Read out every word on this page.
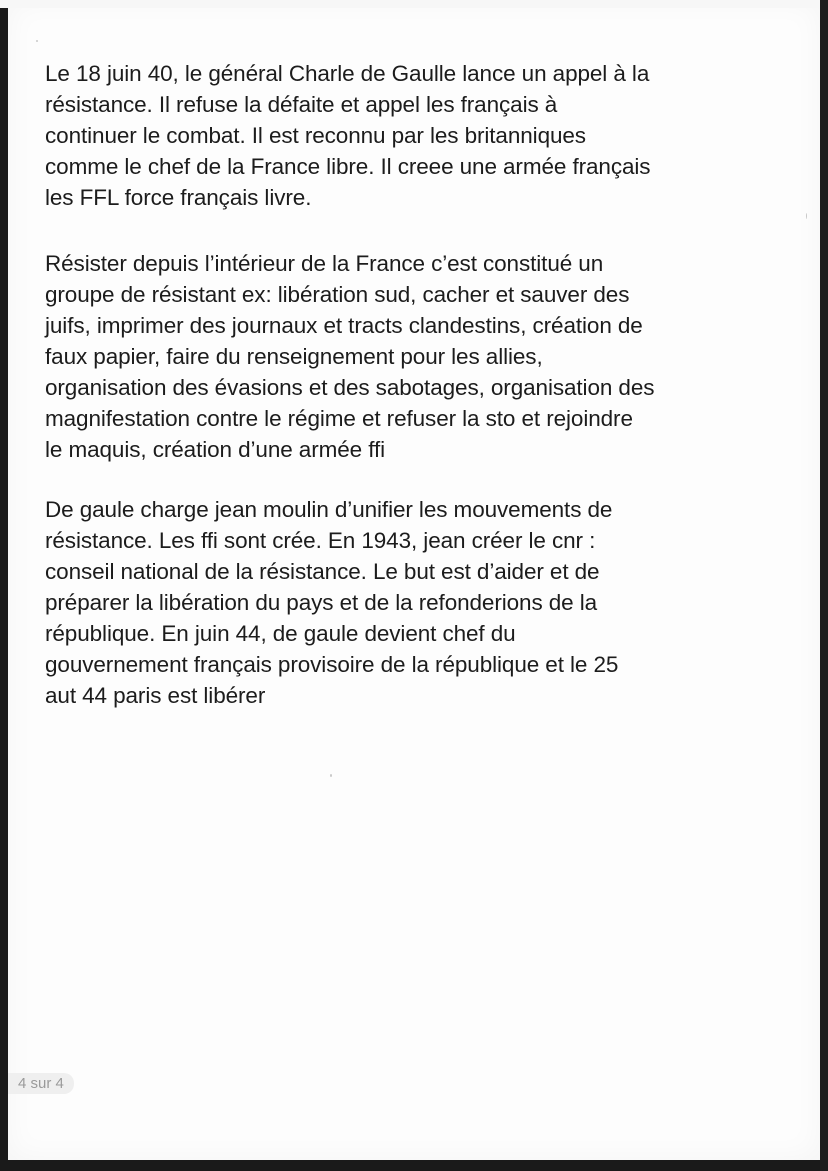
Le 18 juin 40, le général Charle de Gaulle lance un appel à la
résistance. Il refuse la défaite et appel les français à
continuer le combat. Il est reconnu par les britanniques
comme le chef de la France libre. Il creee une armée français
les FFL force français livre.

Résister depuis l’intérieur de la France c’est constitué un
groupe de résistant ex: libération sud, cacher et sauver des
juifs, imprimer des journaux et tracts clandestins, création de
faux papier, faire du renseignement pour les allies,
organisation des évasions et des sabotages, organisation des
magnifestation contre le régime et refuser la sto et rejoindre
le maquis, création d’une armée ffi

De gaule charge jean moulin d’unifier les mouvements de
résistance. Les ffi sont crée. En 1943, jean créer le cnr :
conseil national de la résistance. Le but est d’aider et de
préparer la libération du pays et de la refonderions de la
république. En juin 44, de gaule devient chef du
gouvernement français provisoire de la république et le 25
aut 44 paris est libérer

4 sur 4
